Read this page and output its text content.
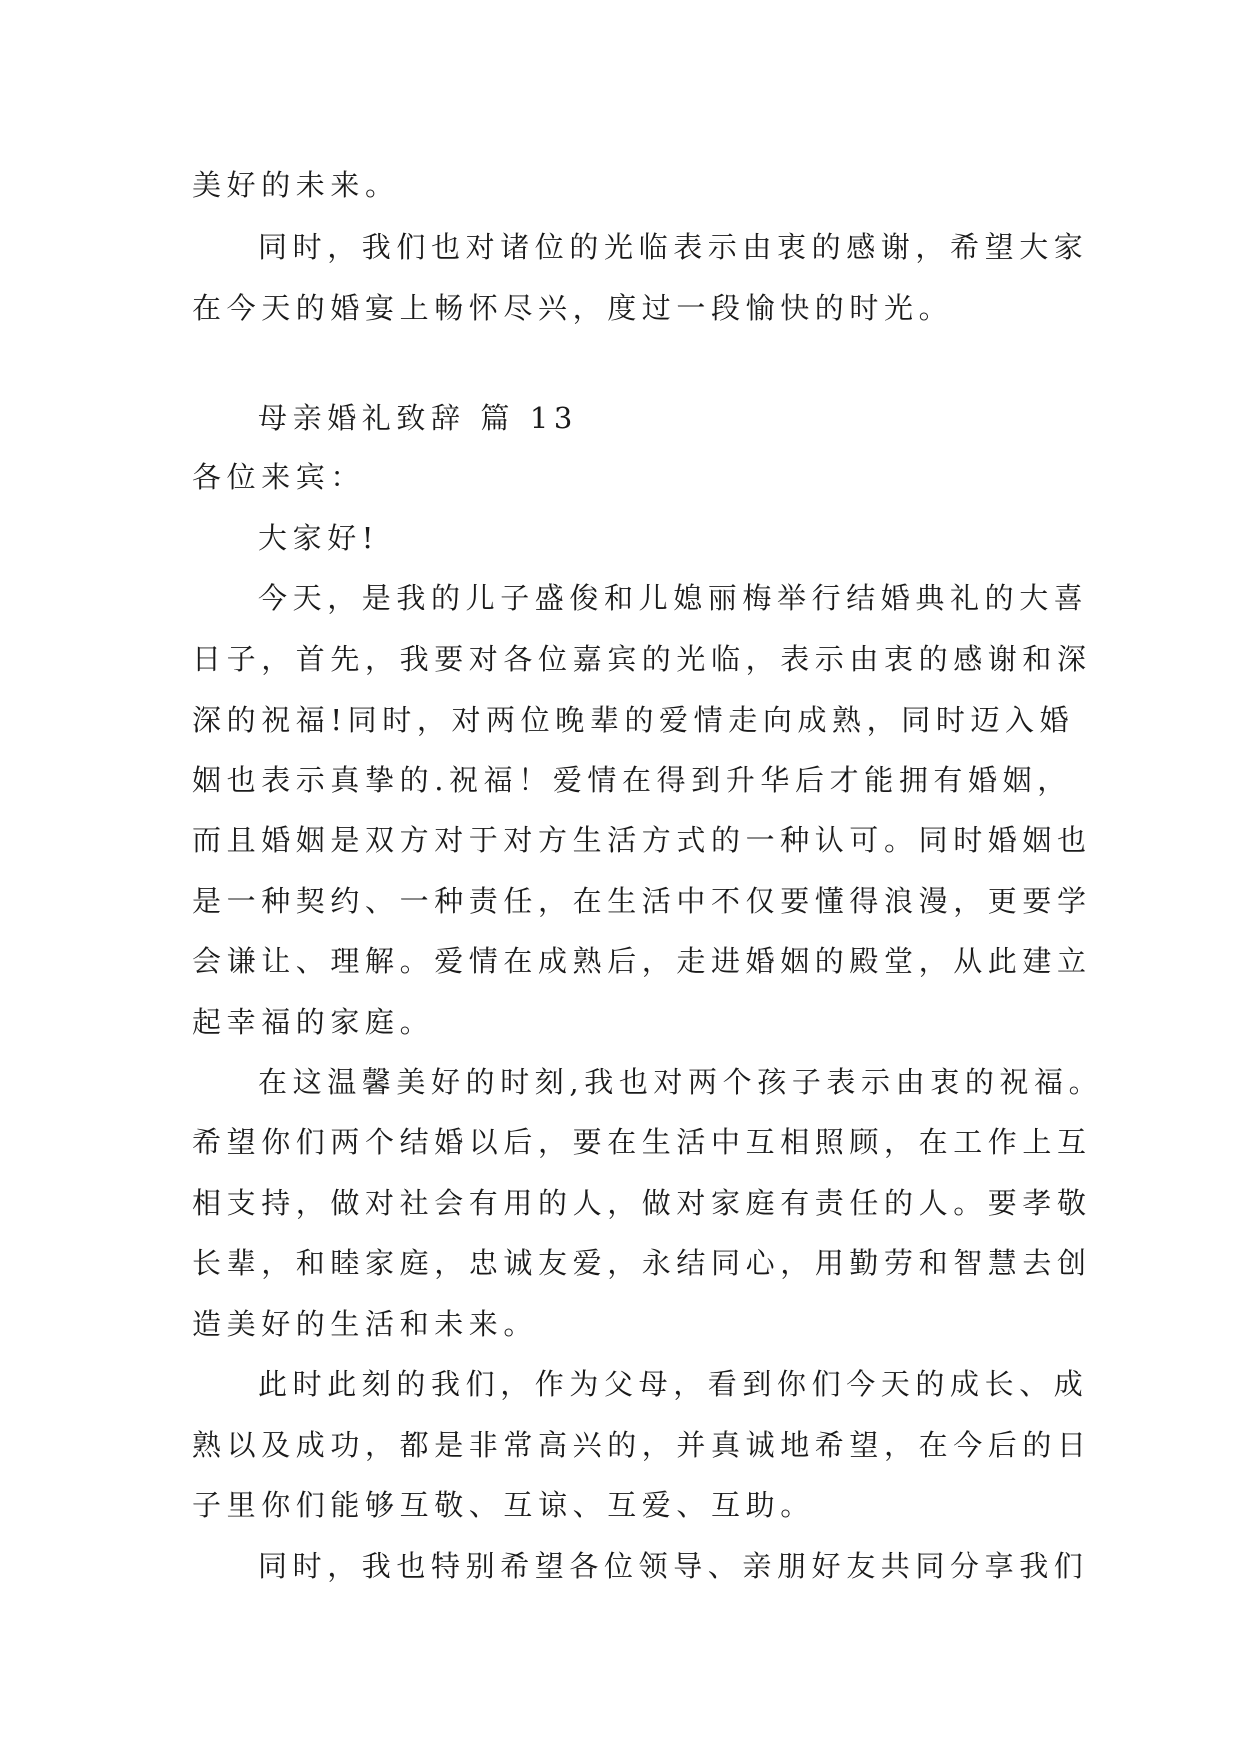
美好的未来。
同时，我们也对诸位的光临表示由衷的感谢，希望大家
在今天的婚宴上畅怀尽兴，度过一段愉快的时光。
母亲婚礼致辞 篇 13
各位来宾：
大家好!
今天，是我的儿子盛俊和儿媳丽梅举行结婚典礼的大喜
日子，首先，我要对各位嘉宾的光临，表示由衷的感谢和深
深的祝福!同时，对两位晚辈的爱情走向成熟，同时迈入婚
姻也表示真挚的.祝福！爱情在得到升华后才能拥有婚姻，
而且婚姻是双方对于对方生活方式的一种认可。同时婚姻也
是一种契约、一种责任，在生活中不仅要懂得浪漫，更要学
会谦让、理解。爱情在成熟后，走进婚姻的殿堂，从此建立
起幸福的家庭。
在这温馨美好的时刻,我也对两个孩子表示由衷的祝福。
希望你们两个结婚以后，要在生活中互相照顾，在工作上互
相支持，做对社会有用的人，做对家庭有责任的人。要孝敬
长辈，和睦家庭，忠诚友爱，永结同心，用勤劳和智慧去创
造美好的生活和未来。
此时此刻的我们，作为父母，看到你们今天的成长、成
熟以及成功，都是非常高兴的，并真诚地希望，在今后的日
子里你们能够互敬、互谅、互爱、互助。
同时，我也特别希望各位领导、亲朋好友共同分享我们
